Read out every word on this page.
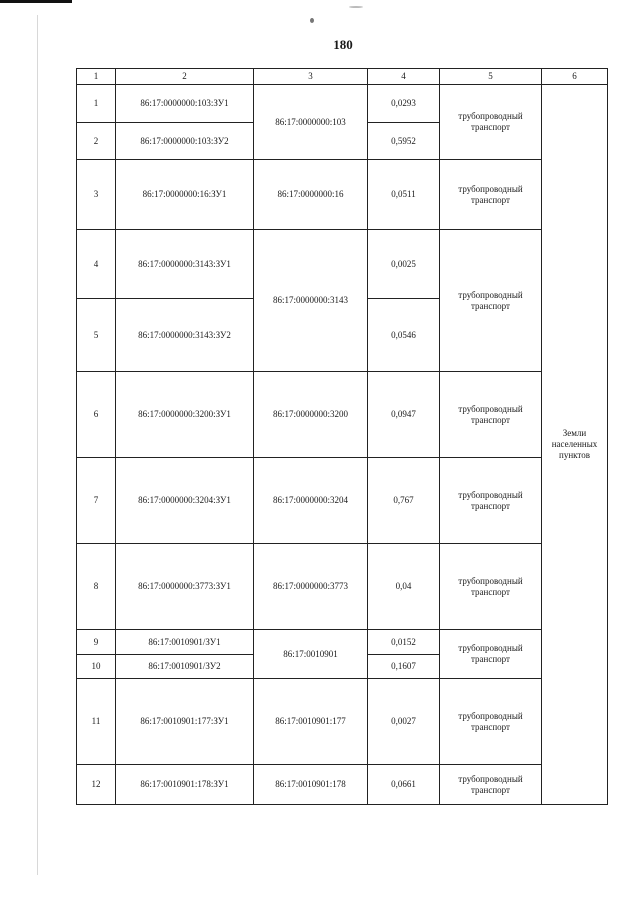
180
1	2	3	4	5	6
1	86:17:0000000:103:ЗУ1	86:17:0000000:103	0,0293	трубопроводный транспорт	Земли населенных пунктов
2	86:17:0000000:103:ЗУ2		0,5952		
3	86:17:0000000:16:ЗУ1	86:17:0000000:16	0,0511	трубопроводный транспорт	
4	86:17:0000000:3143:ЗУ1	86:17:0000000:3143	0,0025	трубопроводный транспорт	
5	86:17:0000000:3143:ЗУ2		0,0546		
6	86:17:0000000:3200:ЗУ1	86:17:0000000:3200	0,0947	трубопроводный транспорт	
7	86:17:0000000:3204:ЗУ1	86:17:0000000:3204	0,767	трубопроводный транспорт	
8	86:17:0000000:3773:ЗУ1	86:17:0000000:3773	0,04	трубопроводный транспорт	
9	86:17:0010901/ЗУ1	86:17:0010901	0,0152	трубопроводный транспорт	
10	86:17:0010901/ЗУ2		0,1607		
11	86:17:0010901:177:ЗУ1	86:17:0010901:177	0,0027	трубопроводный транспорт	
12	86:17:0010901:178:ЗУ1	86:17:0010901:178	0,0661	трубопроводный транспорт	
